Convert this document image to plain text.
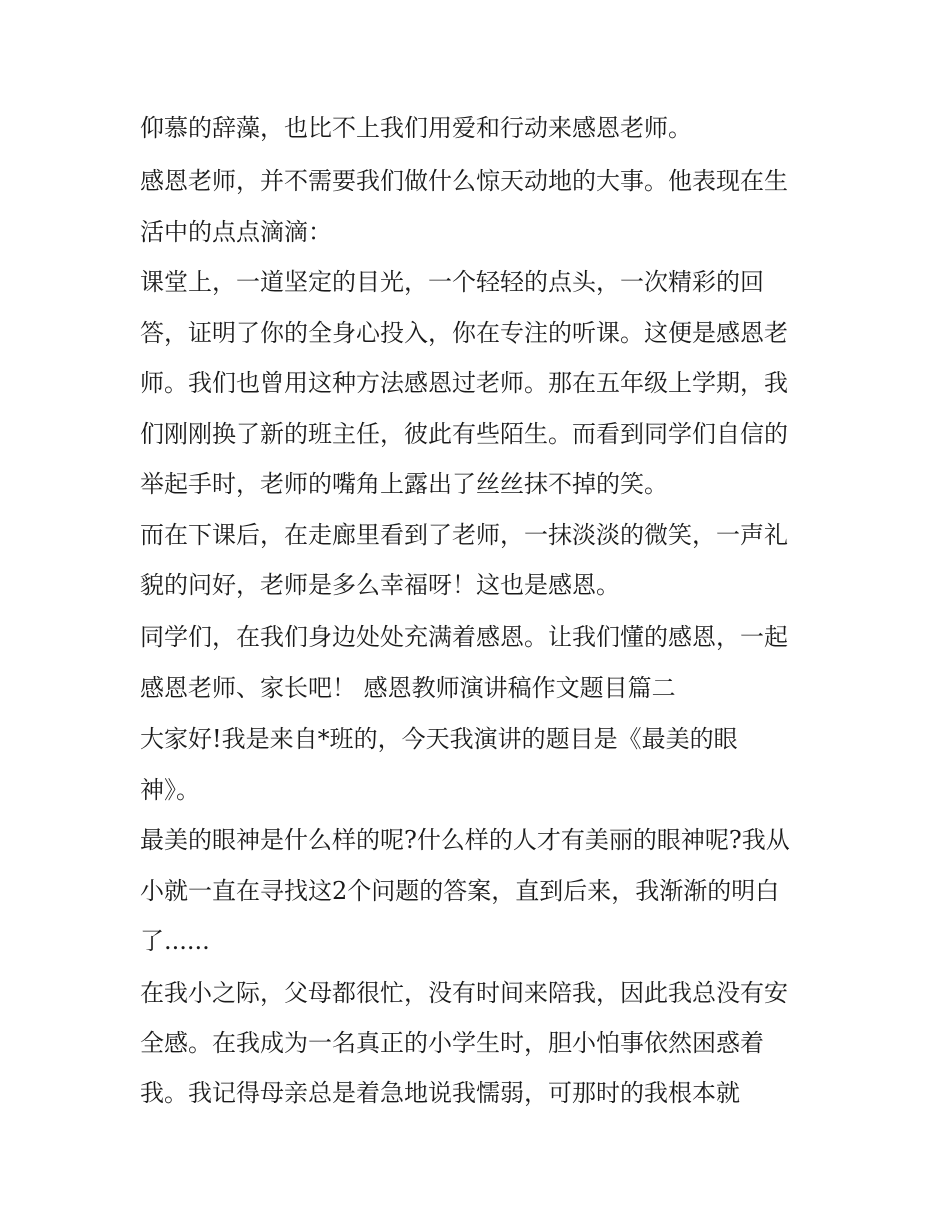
仰慕的辞藻，也比不上我们用爱和行动来感恩老师。

感恩老师，并不需要我们做什么惊天动地的大事。他表现在生

活中的点点滴滴：

课堂上，一道坚定的目光，一个轻轻的点头，一次精彩的回

答，证明了你的全身心投入，你在专注的听课。这便是感恩老

师。我们也曾用这种方法感恩过老师。那在五年级上学期，我

们刚刚换了新的班主任，彼此有些陌生。而看到同学们自信的

举起手时，老师的嘴角上露出了丝丝抹不掉的笑。

而在下课后，在走廊里看到了老师，一抹淡淡的微笑，一声礼

貌的问好，老师是多么幸福呀！这也是感恩。

同学们，在我们身边处处充满着感恩。让我们懂的感恩，一起

感恩老师、家长吧！ 感恩教师演讲稿作文题目篇二

大家好!我是来自*班的，今天我演讲的题目是《最美的眼

神》。

最美的眼神是什么样的呢?什么样的人才有美丽的眼神呢?我从

小就一直在寻找这2个问题的答案，直到后来，我渐渐的明白

了......

在我小之际，父母都很忙，没有时间来陪我，因此我总没有安

全感。在我成为一名真正的小学生时，胆小怕事依然困惑着

我。我记得母亲总是着急地说我懦弱，可那时的我根本就
